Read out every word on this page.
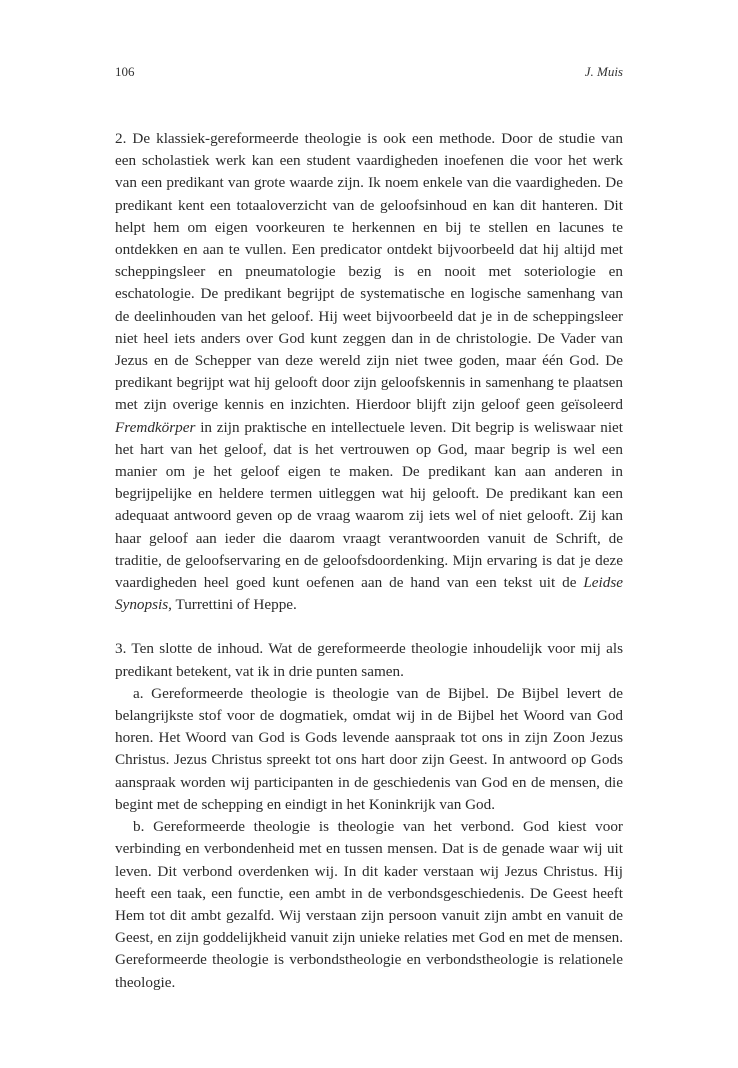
106	J. Muis

2. De klassiek-gereformeerde theologie is ook een methode. Door de studie van een scholastiek werk kan een student vaardigheden inoefenen die voor het werk van een predikant van grote waarde zijn. Ik noem enkele van die vaardigheden. De predikant kent een totaaloverzicht van de geloofsinhoud en kan dit hanteren. Dit helpt hem om eigen voorkeuren te herkennen en bij te stellen en lacunes te ontdekken en aan te vullen. Een predicator ontdekt bijvoorbeeld dat hij altijd met scheppingsleer en pneumatologie bezig is en nooit met soteriologie en eschatologie. De predikant begrijpt de systematische en logische samenhang van de deelinhouden van het geloof. Hij weet bijvoorbeeld dat je in de scheppingsleer niet heel iets anders over God kunt zeggen dan in de christologie. De Vader van Jezus en de Schepper van deze wereld zijn niet twee goden, maar één God. De predikant begrijpt wat hij gelooft door zijn geloofskennis in samenhang te plaatsen met zijn overige kennis en inzichten. Hierdoor blijft zijn geloof geen geïsoleerd Fremdkörper in zijn praktische en intellectuele leven. Dit begrip is weliswaar niet het hart van het geloof, dat is het vertrouwen op God, maar begrip is wel een manier om je het geloof eigen te maken. De predikant kan aan anderen in begrijpelijke en heldere termen uitleggen wat hij gelooft. De predikant kan een adequaat antwoord geven op de vraag waarom zij iets wel of niet gelooft. Zij kan haar geloof aan ieder die daarom vraagt verantwoorden vanuit de Schrift, de traditie, de geloofservaring en de geloofsdoordenking. Mijn ervaring is dat je deze vaardigheden heel goed kunt oefenen aan de hand van een tekst uit de Leidse Synopsis, Turrettini of Heppe.

3. Ten slotte de inhoud. Wat de gereformeerde theologie inhoudelijk voor mij als predikant betekent, vat ik in drie punten samen.

a. Gereformeerde theologie is theologie van de Bijbel. De Bijbel levert de belangrijkste stof voor de dogmatiek, omdat wij in de Bijbel het Woord van God horen. Het Woord van God is Gods levende aanspraak tot ons in zijn Zoon Jezus Christus. Jezus Christus spreekt tot ons hart door zijn Geest. In antwoord op Gods aanspraak worden wij participanten in de geschiedenis van God en de mensen, die begint met de schepping en eindigt in het Koninkrijk van God.

b. Gereformeerde theologie is theologie van het verbond. God kiest voor verbinding en verbondenheid met en tussen mensen. Dat is de genade waar wij uit leven. Dit verbond overdenken wij. In dit kader verstaan wij Jezus Christus. Hij heeft een taak, een functie, een ambt in de verbondsgeschiedenis. De Geest heeft Hem tot dit ambt gezalfd. Wij verstaan zijn persoon vanuit zijn ambt en vanuit de Geest, en zijn goddelijkheid vanuit zijn unieke relaties met God en met de mensen. Gereformeerde theologie is verbondstheologie en verbondstheologie is relationele theologie.
